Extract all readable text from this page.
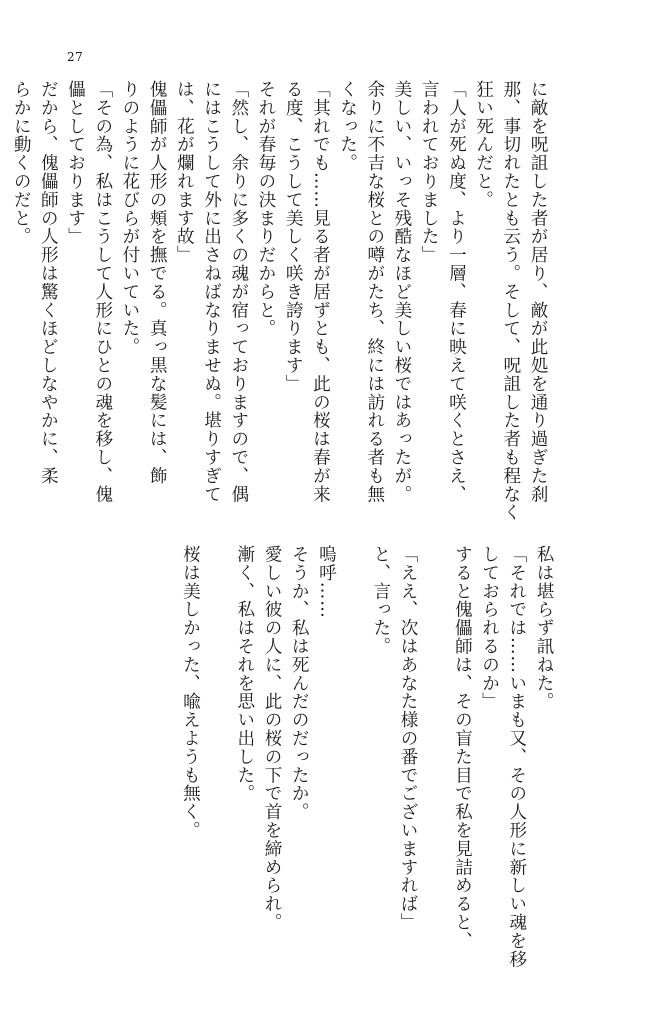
27
に敵を呪詛した者が居り、敵が此処を通り過ぎた刹
那、事切れたとも云う。そして、呪詛した者も程なく
狂い死んだと。
「人が死ぬ度、より一層、春に映えて咲くとさえ、
言われておりました」
美しい、いっそ残酷なほど美しい桜ではあったが。
余りに不吉な桜との噂がたち、終には訪れる者も無
くなった。
「其れでも……見る者が居ずとも、此の桜は春が来
る度、こうして美しく咲き誇ります」
それが春毎の決まりだからと。
「然し、余りに多くの魂が宿っておりますので、偶
にはこうして外に出さねばなりませぬ。堪りすぎて
は、花が爛れます故」
傀儡師が人形の頬を撫でる。真っ黒な髪には、飾
りのように花びらが付いていた。
「その為、私はこうして人形にひとの魂を移し、傀
儡としております」
だから、傀儡師の人形は驚くほどしなやかに、柔
らかに動くのだと。
私は堪らず訊ねた。
「それでは……いまも又、その人形に新しい魂を移
しておられるのか」
すると傀儡師は、その盲た目で私を見詰めると、
「ええ、次はあなた様の番でございますれば」
と、言った。
嗚呼……
そうか、私は死んだのだったか。
愛しい彼の人に、此の桜の下で首を締められ。
漸く、私はそれを思い出した。
桜は美しかった、喩えようも無く。
